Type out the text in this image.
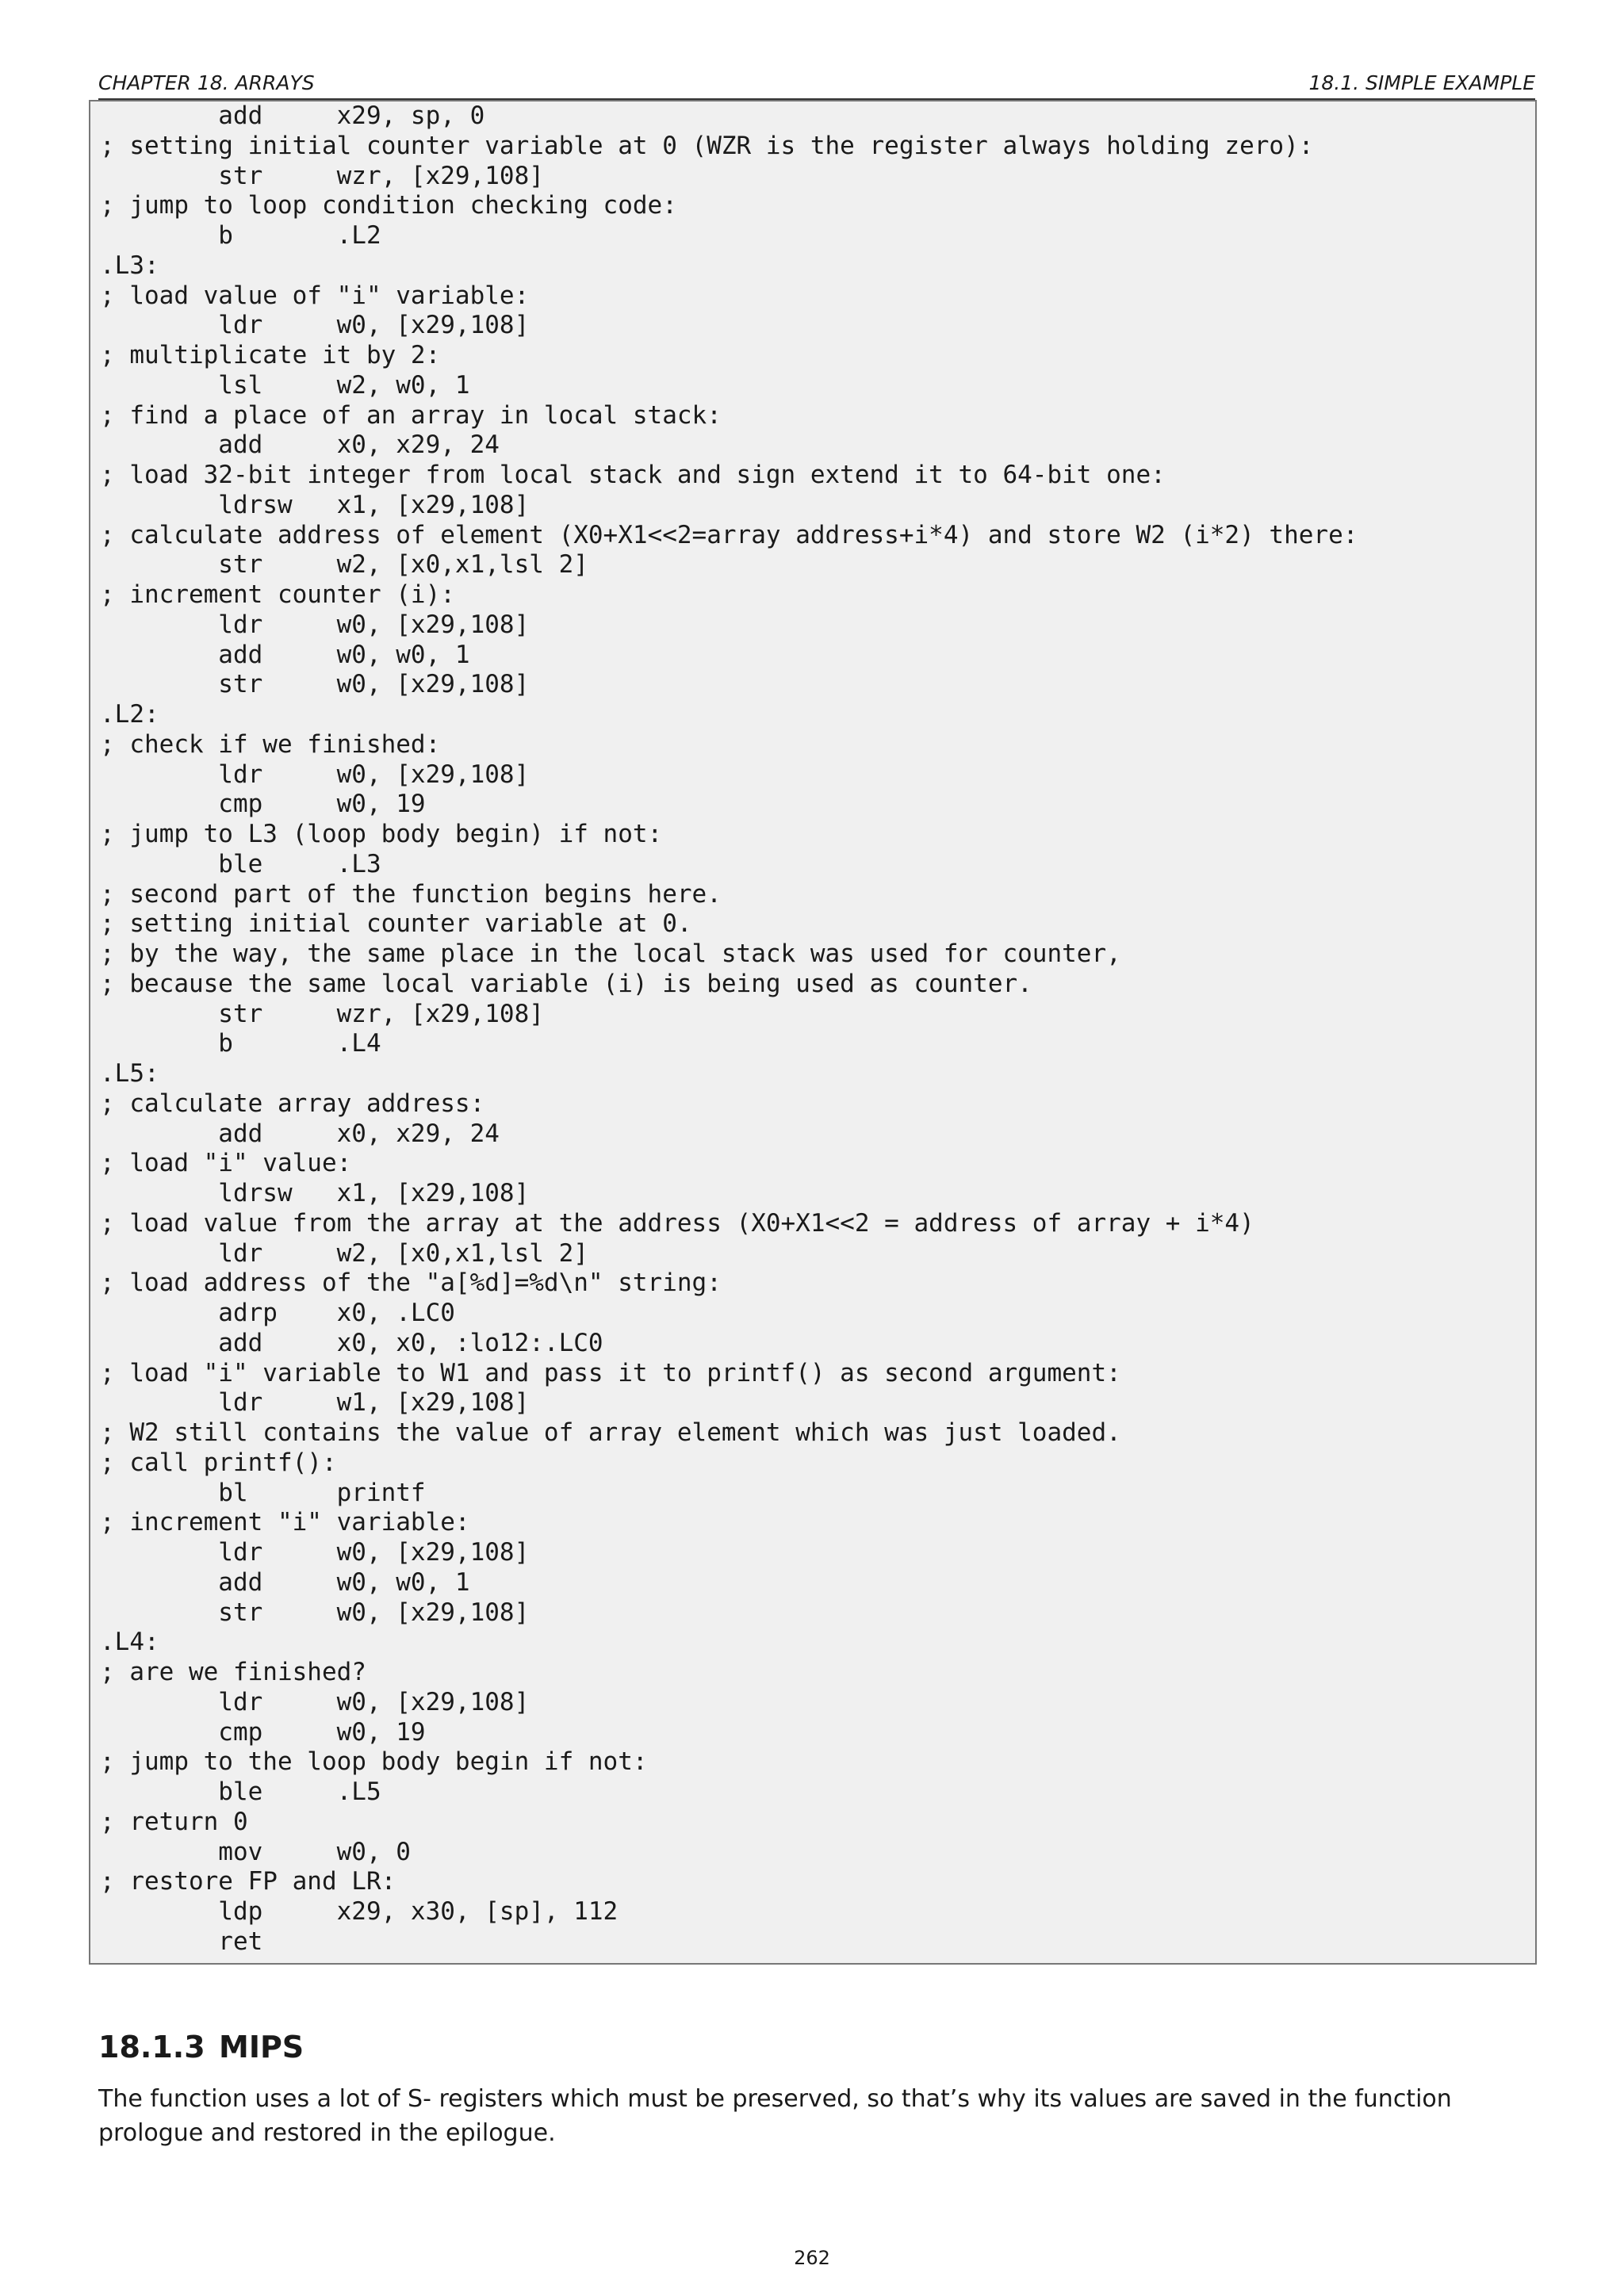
CHAPTER 18. ARRAYS	18.1. SIMPLE EXAMPLE
add     x29, sp, 0
; setting initial counter variable at 0 (WZR is the register always holding zero):
str     wzr, [x29,108]
; jump to loop condition checking code:
b       .L2
.L3:
; load value of "i" variable:
ldr     w0, [x29,108]
; multiplicate it by 2:
lsl     w2, w0, 1
; find a place of an array in local stack:
add     x0, x29, 24
; load 32-bit integer from local stack and sign extend it to 64-bit one:
ldrsw   x1, [x29,108]
; calculate address of element (X0+X1<<2=array address+i*4) and store W2 (i*2) there:
str     w2, [x0,x1,lsl 2]
; increment counter (i):
ldr     w0, [x29,108]
add     w0, w0, 1
str     w0, [x29,108]
.L2:
; check if we finished:
ldr     w0, [x29,108]
cmp     w0, 19
; jump to L3 (loop body begin) if not:
ble     .L3
; second part of the function begins here.
; setting initial counter variable at 0.
; by the way, the same place in the local stack was used for counter,
; because the same local variable (i) is being used as counter.
str     wzr, [x29,108]
b       .L4
.L5:
; calculate array address:
add     x0, x29, 24
; load "i" value:
ldrsw   x1, [x29,108]
; load value from the array at the address (X0+X1<<2 = address of array + i*4)
ldr     w2, [x0,x1,lsl 2]
; load address of the "a[%d]=%d\n" string:
adrp    x0, .LC0
add     x0, x0, :lo12:.LC0
; load "i" variable to W1 and pass it to printf() as second argument:
ldr     w1, [x29,108]
; W2 still contains the value of array element which was just loaded.
; call printf():
bl      printf
; increment "i" variable:
ldr     w0, [x29,108]
add     w0, w0, 1
str     w0, [x29,108]
.L4:
; are we finished?
ldr     w0, [x29,108]
cmp     w0, 19
; jump to the loop body begin if not:
ble     .L5
; return 0
mov     w0, 0
; restore FP and LR:
ldp     x29, x30, [sp], 112
ret
18.1.3 MIPS
The function uses a lot of S- registers which must be preserved, so that’s why its values are saved in the function prologue and restored in the epilogue.
262
